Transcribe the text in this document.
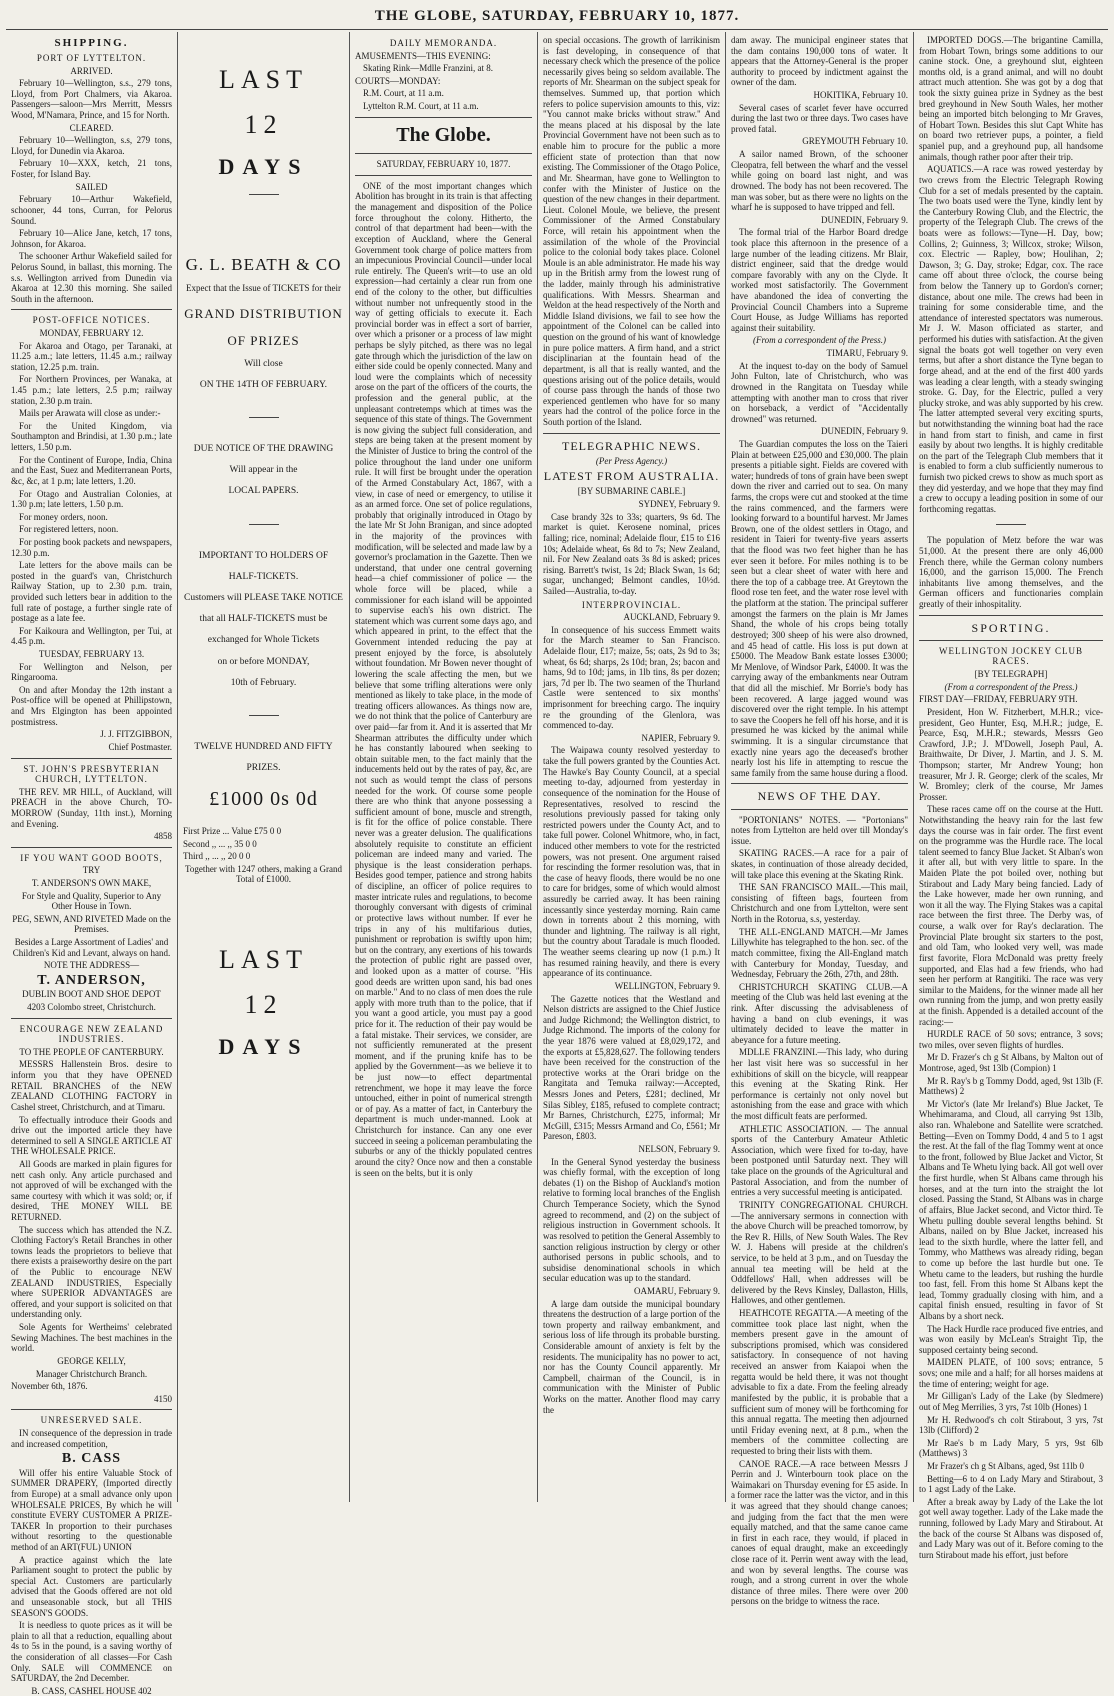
THE GLOBE, SATURDAY, FEBRUARY 10, 1877.
SHIPPING.
PORT OF LYTTELTON.

ARRIVED.

February 10—Wellington, s.s., 279 tons, Lloyd, from Port Chalmers, via Akaroa. Passengers—saloon—Mrs Merritt, Messrs Wood, M'Namara, Prince, and 15 for North.

CLEARED.

February 10—Wellington, s.s, 279 tons, Lloyd, for Dunedin via Akaroa.

February 10—XXX, ketch, 21 tons, Foster, for Island Bay.

SAILED

February 10—Arthur Wakefield, schooner, 44 tons, Curran, for Pelorus Sound.

February 10—Alice Jane, ketch, 17 tons, Johnson, for Akaroa.

The schooner Arthur Wakefield sailed for Pelorus Sound, in ballast, this morning. The s.s. Wellington arrived from Dunedin via Akaroa at 12.30 this morning. She sailed South in the afternoon.

POST-OFFICE NOTICES.

MONDAY, FEBRUARY 12.

For Akaroa and Otago, per Taranaki, at 11.25 a.m.; late letters, 11.45 a.m.; railway station, 12.25 p.m. train.

For Northern Provinces, per Wanaka, at 1.45 p.m.; late letters, 2.5 p.m; railway station, 2.30 p.m train.

Mails per Arawata will close as under:-

For the United Kingdom, via Southampton and Brindisi, at 1.30 p.m.; late letters, 1.50 p.m.

For the Continent of Europe, India, China and the East, Suez and Mediterranean Ports, &c, &c, at 1 p.m; late letters, 1.20.

For Otago and Australian Colonies, at 1.30 p.m; late letters, 1.50 p.m.

For money orders, noon.

For registered letters, noon.

For posting book packets and newspapers, 12.30 p.m.

Late letters for the above mails can be posted in the guard's van, Christchurch Railway Station, up to 2.30 p.m. train, provided such letters bear in addition to the full rate of postage, a further single rate of postage as a late fee.

For Kaikoura and Wellington, per Tui, at 4.45 p.m.

TUESDAY, FEBRUARY 13.

For Wellington and Nelson, per Ringarooma.

On and after Monday the 12th instant a Post-office will be opened at Phillipstown, and Mrs Elgington has been appointed postmistress.

J. J. FITZGIBBON,

Chief Postmaster.

ST. JOHN'S PRESBYTERIAN CHURCH, LYTTELTON.

THE REV. MR HILL, of Auckland, will PREACH in the above Church, TO-MORROW (Sunday, 11th inst.), Morning and Evening.

4858

IF YOU WANT GOOD BOOTS,

TRY

T. ANDERSON'S OWN MAKE,

For Style and Quality, Superior to Any Other House in Town.

PEG, SEWN, AND RIVETED Made on the Premises.

Besides a Large Assortment of Ladies' and Children's Kid and Levant, always on hand.

NOTE THE ADDRESS—

T. ANDERSON,

DUBLIN BOOT AND SHOE DEPOT

4203 Colombo street, Christchurch.

ENCOURAGE NEW ZEALAND INDUSTRIES.

TO THE PEOPLE OF CANTERBURY.

MESSRS Hallenstein Bros. desire to inform you that they have OPENED RETAIL BRANCHES of the NEW ZEALAND CLOTHING FACTORY in Cashel street, Christchurch, and at Timaru.

To effectually introduce their Goods and drive out the imported article they have determined to sell A SINGLE ARTICLE AT THE WHOLESALE PRICE.

All Goods are marked in plain figures for nett cash only. Any article purchased and not approved of will be exchanged with the same courtesy with which it was sold; or, if desired, THE MONEY WILL BE RETURNED.

The success which has attended the N.Z. Clothing Factory's Retail Branches in other towns leads the proprietors to believe that there exists a praiseworthy desire on the part of the Public to encourage NEW ZEALAND INDUSTRIES, Especially where SUPERIOR ADVANTAGES are offered, and your support is solicited on that understanding only.

Sole Agents for Wertheims' celebrated Sewing Machines. The best machines in the world.

GEORGE KELLY,

Manager Christchurch Branch.

November 6th, 1876.

4150

UNRESERVED SALE.

IN consequence of the depression in trade and increased competition,

B. CASS

Will offer his entire Valuable Stock of SUMMER DRAPERY, (Imported directly from Europe) at a small advance only upon WHOLESALE PRICES, By which he will constitute EVERY CUSTOMER A PRIZE-TAKER In proportion to their purchases without resorting to the questionable method of an ART(FUL) UNION

A practice against which the late Parliament sought to protect the public by special Act. Customers are particularly advised that the Goods offered are not old and unseasonable stock, but all THIS SEASON'S GOODS.

It is needless to quote prices as it will be plain to all that a reduction, equalling about 4s to 5s in the pound, is a saving worthy of the consideration of all classes—For Cash Only. SALE will COMMENCE on SATURDAY, the 2nd December.

B. CASS, CASHEL HOUSE 402

LAST
12
DAYS
G. L. BEATH & CO

Expect that the Issue of TICKETS for their

GRAND DISTRIBUTION
OF PRIZES
Will close
ON THE 14TH OF FEBRUARY.
DUE NOTICE OF THE DRAWING
Will appear in the
LOCAL PAPERS.
IMPORTANT TO HOLDERS OF
HALF-TICKETS.
Customers will PLEASE TAKE NOTICE
that all HALF-TICKETS must be
exchanged for Whole Tickets
on or before MONDAY,
10th of February.
TWELVE HUNDRED AND FIFTY
PRIZES.
£1000 0s 0d

First Prize ... Value £75 0 0

Second ,, ... ,, 35 0 0

Third ,, ... ,, 20 0 0

Together with 1247 others, making a Grand Total of £1000.

LAST
12
DAYS
DAILY MEMORANDA.

AMUSEMENTS—THIS EVENING:

Skating Rink—Mdlle Franzini, at 8.

COURTS—MONDAY:

R.M. Court, at 11 a.m.

Lyttelton R.M. Court, at 11 a.m.

The Globe.

SATURDAY, FEBRUARY 10, 1877.

ONE of the most important changes which Abolition has brought in its train is that affecting the management and disposition of the Police force throughout the colony. Hitherto, the control of that department had been—with the exception of Auckland, where the General Government took charge of police matters from an impecunious Provincial Council—under local rule entirely. The Queen's writ—to use an old expression—had certainly a clear run from one end of the colony to the other, but difficulties without number not unfrequently stood in the way of getting officials to execute it. Each provincial border was in effect a sort of barrier, over which a prisoner or a process of law might perhaps be slyly pitched, as there was no legal gate through which the jurisdiction of the law on either side could be openly connected. Many and loud were the complaints which of necessity arose on the part of the officers of the courts, the profession and the general public, at the unpleasant contretemps which at times was the sequence of this state of things. The Government is now giving the subject full consideration, and steps are being taken at the present moment by the Minister of Justice to bring the control of the police throughout the land under one uniform rule. It will first be brought under the operation of the Armed Constabulary Act, 1867, with a view, in case of need or emergency, to utilise it as an armed force. One set of police regulations, probably that originally introduced in Otago by the late Mr St John Branigan, and since adopted in the majority of the provinces with modification, will be selected and made law by a governor's proclamation in the Gazette. Then we understand, that under one central governing head—a chief commissioner of police — the whole force will be placed, while a commissioner for each island will be appointed to supervise each's his own district. The statement which was current some days ago, and which appeared in print, to the effect that the Government intended reducing the pay at present enjoyed by the force, is absolutely without foundation. Mr Bowen never thought of lowering the scale affecting the men, but we believe that some trifling alterations were only mentioned as likely to take place, in the mode of treating officers allowances. As things now are, we do not think that the police of Canterbury are over paid—far from it. And it is asserted that Mr Shearman attributes the difficulty under which he has constantly laboured when seeking to obtain suitable men, to the fact mainly that the inducements held out by the rates of pay, &c, are not such as would tempt the class of persons needed for the work. Of course some people there are who think that anyone possessing a sufficient amount of bone, muscle and strength, is fit for the office of police constable. There never was a greater delusion. The qualifications absolutely requisite to constitute an efficient policeman are indeed many and varied. The physique is the least consideration perhaps. Besides good temper, patience and strong habits of discipline, an officer of police requires to master intricate rules and regulations, to become thoroughly conversant with digests of criminal or protective laws without number. If ever he trips in any of his multifarious duties, punishment or reprobation is swiftly upon him; but on the contrary, any exertions of his towards the protection of public right are passed over, and looked upon as a matter of course. "His good deeds are written upon sand, his bad ones on marble." And to no class of men does the rule apply with more truth than to the police, that if you want a good article, you must pay a good price for it. The reduction of their pay would be a fatal mistake. Their services, we consider, are not sufficiently remunerated at the present moment, and if the pruning knife has to be applied by the Government—as we believe it to be just now—to effect departmental retrenchment, we hope it may leave the force untouched, either in point of numerical strength or of pay. As a matter of fact, in Canterbury the department is much under-manned. Look at Christchurch for instance. Can any one ever succeed in seeing a policeman perambulating the suburbs or any of the thickly populated centres around the city? Once now and then a constable is seen on the belts, but it is only

on special occasions. The growth of larrikinism is fast developing, in consequence of that necessary check which the presence of the police necessarily gives being so seldom available. The reports of Mr. Shearman on the subject speak for themselves. Summed up, that portion which refers to police supervision amounts to this, viz: "You cannot make bricks without straw." And the means placed at his disposal by the late Provincial Government have not been such as to enable him to procure for the public a more efficient state of protection than that now existing. The Commissioner of the Otago Police, and Mr. Shearman, have gone to Wellington to confer with the Minister of Justice on the question of the new changes in their department. Lieut. Colonel Moule, we believe, the present Commissioner of the Armed Constabulary Force, will retain his appointment when the assimilation of the whole of the Provincial police to the colonial body takes place. Colonel Moule is an able administrator. He made his way up in the British army from the lowest rung of the ladder, mainly through his administrative qualifications. With Messrs. Shearman and Weldon at the head respectively of the North and Middle Island divisions, we fail to see how the appointment of the Colonel can be called into question on the ground of his want of knowledge in pure police matters. A firm hand, and a strict disciplinarian at the fountain head of the department, is all that is really wanted, and the questions arising out of the police details, would of course pass through the hands of those two experienced gentlemen who have for so many years had the control of the police force in the South portion of the Island.

TELEGRAPHIC NEWS.

(Per Press Agency.)

LATEST FROM AUSTRALIA.

[BY SUBMARINE CABLE.]

SYDNEY, February 9.

Case brandy 32s to 33s; quarters, 9s 6d. The market is quiet. Kerosene nominal, prices falling; rice, nominal; Adelaide flour, £15 to £16 10s; Adelaide wheat, 6s 8d to 7s; New Zealand, nil. For New Zealand oats 3s 8d is asked; prices rising. Barrett's twist, 1s 2d; Black Swan, 1s 6d; sugar, unchanged; Belmont candles, 10½d. Sailed—Australia, to-day.

INTERPROVINCIAL.

AUCKLAND, February 9.

In consequence of his success Emmett waits for the March steamer to San Francisco. Adelaide flour, £17; maize, 5s; oats, 2s 9d to 3s; wheat, 6s 6d; sharps, 2s 10d; bran, 2s; bacon and hams, 9d to 10d; jams, in 1lb tins, 8s per dozen; jars, 7d per lb. The two seamen of the Thurland Castle were sentenced to six months' imprisonment for breeching cargo. The inquiry re the grounding of the Glenlora, was commenced to-day.

NAPIER, February 9.

The Waipawa county resolved yesterday to take the full powers granted by the Counties Act. The Hawke's Bay County Council, at a special meeting to-day, adjourned from yesterday in consequence of the nomination for the House of Representatives, resolved to rescind the resolutions previously passed for taking only restricted powers under the County Act, and to take full power. Colonel Whitmore, who, in fact, induced other members to vote for the restricted powers, was not present. One argument raised for rescinding the former resolution was, that in the case of heavy floods, there would be no one to care for bridges, some of which would almost assuredly be carried away. It has been raining incessantly since yesterday morning. Rain came down in torrents about 2 this morning, with thunder and lightning. The railway is all right, but the country about Taradale is much flooded. The weather seems clearing up now (1 p.m.) It has resumed raining heavily, and there is every appearance of its continuance.

WELLINGTON, February 9.

The Gazette notices that the Westland and Nelson districts are assigned to the Chief Justice and Judge Richmond; the Wellington district, to Judge Richmond. The imports of the colony for the year 1876 were valued at £8,029,172, and the exports at £5,828,627. The following tenders have been received for the construction of the protective works at the Orari bridge on the Rangitata and Temuka railway:—Accepted, Messrs Jones and Peters, £281; declined, Mr Silas Sibley, £185, refused to complete contract; Mr Barnes, Christchurch, £275, informal; Mr McGill, £315; Messrs Armand and Co, £561; Mr Pareson, £803.

NELSON, February 9.

In the General Synod yesterday the business was chiefly formal, with the exception of long debates (1) on the Bishop of Auckland's motion relative to forming local branches of the English Church Temperance Society, which the Synod agreed to recommend, and (2) on the subject of religious instruction in Government schools. It was resolved to petition the General Assembly to sanction religious instruction by clergy or other authorised persons in public schools, and to subsidise denominational schools in which secular education was up to the standard.

OAMARU, February 9.

A large dam outside the municipal boundary threatens the destruction of a large portion of the town property and railway embankment, and serious loss of life through its probable bursting. Considerable amount of anxiety is felt by the residents. The municipality has no power to act, nor has the County Council apparently. Mr Campbell, chairman of the Council, is in communication with the Minister of Public Works on the matter. Another flood may carry the

dam away. The municipal engineer states that the dam contains 190,000 tons of water. It appears that the Attorney-General is the proper authority to proceed by indictment against the owner of the dam.

HOKITIKA, February 10.

Several cases of scarlet fever have occurred during the last two or three days. Two cases have proved fatal.

GREYMOUTH February 10.

A sailor named Brown, of the schooner Cleopatra, fell between the wharf and the vessel while going on board last night, and was drowned. The body has not been recovered. The man was sober, but as there were no lights on the wharf he is supposed to have tripped and fell.

DUNEDIN, February 9.

The formal trial of the Harbor Board dredge took place this afternoon in the presence of a large number of the leading citizens. Mr Blair, district engineer, said that the dredge would compare favorably with any on the Clyde. It worked most satisfactorily. The Government have abandoned the idea of converting the Provincial Council Chambers into a Supreme Court House, as Judge Williams has reported against their suitability.

(From a correspondent of the Press.)

TIMARU, February 9.

At the inquest to-day on the body of Samuel John Fulton, late of Christchurch, who was drowned in the Rangitata on Tuesday while attempting with another man to cross that river on horseback, a verdict of "Accidentally drowned" was returned.

DUNEDIN, February 9.

The Guardian computes the loss on the Taieri Plain at between £25,000 and £30,000. The plain presents a pitiable sight. Fields are covered with water; hundreds of tons of grain have been swept down the river and carried out to sea. On many farms, the crops were cut and stooked at the time the rains commenced, and the farmers were looking forward to a bountiful harvest. Mr James Brown, one of the oldest settlers in Otago, and resident in Taieri for twenty-five years asserts that the flood was two feet higher than he has ever seen it before. For miles nothing is to be seen but a clear sheet of water with here and there the top of a cabbage tree. At Greytown the flood rose ten feet, and the water rose level with the platform at the station. The principal sufferer amongst the farmers on the plain is Mr James Shand, the whole of his crops being totally destroyed; 300 sheep of his were also drowned, and 45 head of cattle. His loss is put down at £5000. The Meadow Bank estate losses £3000; Mr Menlove, of Windsor Park, £4000. It was the carrying away of the embankments near Outram that did all the mischief. Mr Borrie's body has been recovered. A large jagged wound was discovered over the right temple. In his attempt to save the Coopers he fell off his horse, and it is presumed he was kicked by the animal while swimming. It is a singular circumstance that exactly nine years ago the deceased's brother nearly lost his life in attempting to rescue the same family from the same house during a flood.

NEWS OF THE DAY.

"PORTONIANS" NOTES. — "Portonians" notes from Lyttelton are held over till Monday's issue.

SKATING RACES.—A race for a pair of skates, in continuation of those already decided, will take place this evening at the Skating Rink.

THE SAN FRANCISCO MAIL.—This mail, consisting of fifteen bags, fourteen from Christchurch and one from Lyttelton, were sent North in the Rotorua, s.s, yesterday.

THE ALL-ENGLAND MATCH.—Mr James Lillywhite has telegraphed to the hon. sec. of the match committee, fixing the All-England match with Canterbury for Monday, Tuesday, and Wednesday, February the 26th, 27th, and 28th.

CHRISTCHURCH SKATING CLUB.—A meeting of the Club was held last evening at the rink. After discussing the advisableness of having a band on club evenings, it was ultimately decided to leave the matter in abeyance for a future meeting.

MDLLE FRANZINI.—This lady, who during her last visit here was so successful in her exhibitions of skill on the bicycle, will reappear this evening at the Skating Rink. Her performance is certainly not only novel but astonishing from the ease and grace with which the most difficult feats are performed.

ATHLETIC ASSOCIATION. — The annual sports of the Canterbury Amateur Athletic Association, which were fixed for to-day, have been postponed until Saturday next. They will take place on the grounds of the Agricultural and Pastoral Association, and from the number of entries a very successful meeting is anticipated.

TRINITY CONGREGATIONAL CHURCH.—The anniversary sermons in connection with the above Church will be preached tomorrow, by the Rev R. Hills, of New South Wales. The Rev W. J. Habens will preside at the children's service, to be held at 3 p.m., and on Tuesday the annual tea meeting will be held at the Oddfellows' Hall, when addresses will be delivered by the Revs Kinsley, Dallaston, Hills, Hallowes, and other gentlemen.

HEATHCOTE REGATTA.—A meeting of the committee took place last night, when the members present gave in the amount of subscriptions promised, which was considered satisfactory. In consequence of not having received an answer from Kaiapoi when the regatta would be held there, it was not thought advisable to fix a date. From the feeling already manifested by the public, it is probable that a sufficient sum of money will be forthcoming for this annual regatta. The meeting then adjourned until Friday evening next, at 8 p.m., when the members of the committee collecting are requested to bring their lists with them.

CANOE RACE.—A race between Messrs J Perrin and J. Winterbourn took place on the Waimakari on Thursday evening for £5 aside. In a former race the latter was the victor, and in this it was agreed that they should change canoes; and judging from the fact that the men were equally matched, and that the same canoe came in first in each race, they would, if placed in canoes of equal draught, make an exceedingly close race of it. Perrin went away with the lead, and won by several lengths. The course was rough, and a strong current in over the whole distance of three miles. There were over 200 persons on the bridge to witness the race.

IMPORTED DOGS.—The brigantine Camilla, from Hobart Town, brings some additions to our canine stock. One, a greyhound slut, eighteen months old, is a grand animal, and will no doubt attract much attention. She was got by a dog that took the sixty guinea prize in Sydney as the best bred greyhound in New South Wales, her mother being an imported bitch belonging to Mr Graves, of Hobart Town. Besides this slut Capt White has on board two retriever pups, a pointer, a field spaniel pup, and a greyhound pup, all handsome animals, though rather poor after their trip.

AQUATICS.—A race was rowed yesterday by two crews from the Electric Telegraph Rowing Club for a set of medals presented by the captain. The two boats used were the Tyne, kindly lent by the Canterbury Rowing Club, and the Electric, the property of the Telegraph Club. The crews of the boats were as follows:—Tyne—H. Day, bow; Collins, 2; Guinness, 3; Willcox, stroke; Wilson, cox. Electric — Rapley, bow; Houlihan, 2; Dawson, 3; G. Day, stroke; Edgar, cox. The race came off about three o'clock, the course being from below the Tannery up to Gordon's corner; distance, about one mile. The crews had been in training for some considerable time, and the attendance of interested spectators was numerous. Mr J. W. Mason officiated as starter, and performed his duties with satisfaction. At the given signal the boats got well together on very even terms, but after a short distance the Tyne began to forge ahead, and at the end of the first 400 yards was leading a clear length, with a steady swinging stroke. G. Day, for the Electric, pulled a very plucky stroke, and was ably supported by his crew. The latter attempted several very exciting spurts, but notwithstanding the winning boat had the race in hand from start to finish, and came in first easily by about two lengths. It is highly creditable on the part of the Telegraph Club members that it is enabled to form a club sufficiently numerous to furnish two picked crews to show as much sport as they did yesterday, and we hope that they may find a crew to occupy a leading position in some of our forthcoming regattas.

The population of Metz before the war was 51,000. At the present there are only 46,000 French there, while the German colony numbers 16,000, and the garrison 15,000. The French inhabitants live among themselves, and the German officers and functionaries complain greatly of their inhospitality.

SPORTING.
WELLINGTON JOCKEY CLUB RACES.

[BY TELEGRAPH]

(From a correspondent of the Press.)

FIRST DAY—FRIDAY, FEBRUARY 9TH.

President, Hon W. Fitzherbert, M.H.R.; vice-president, Geo Hunter, Esq, M.H.R.; judge, E. Pearce, Esq, M.H.R.; stewards, Messrs Geo Crawford, J.P.; J. M'Dowell, Joseph Paul, A. Braithwaite, Dr Diver, J. Martin, and J. S. M. Thompson; starter, Mr Andrew Young; hon treasurer, Mr J. R. George; clerk of the scales, Mr W. Bromley; clerk of the course, Mr James Prosser.

These races came off on the course at the Hutt. Notwithstanding the heavy rain for the last few days the course was in fair order. The first event on the programme was the Hurdle race. The local talent seemed to fancy Blue Jacket. St Alban's won it after all, but with very little to spare. In the Maiden Plate the pot boiled over, nothing but Stirabout and Lady Mary being fancied. Lady of the Lake however, made her own running, and won it all the way. The Flying Stakes was a capital race between the first three. The Derby was, of course, a walk over for Ray's declaration. The Provincial Plate brought six starters to the post, and old Tam, who looked very well, was made first favorite, Flora McDonald was pretty freely supported, and Elas had a few friends, who had seen her perform at Rangitiki. The race was very similar to the Maidens, for the winner made all her own running from the jump, and won pretty easily at the finish. Appended is a detailed account of the racing:—

HURDLE RACE of 50 sovs; entrance, 3 sovs; two miles, over seven flights of hurdles.

Mr D. Frazer's ch g St Albans, by Malton out of Montrose, aged, 9st 13lb (Compion) 1

Mr R. Ray's b g Tommy Dodd, aged, 9st 13lb (F. Matthews) 2

Mr Victor's (late Mr Ireland's) Blue Jacket, Te Whehimarama, and Cloud, all carrying 9st 13lb, also ran. Whalebone and Satellite were scratched. Betting—Even on Tommy Dodd, 4 and 5 to 1 agst the rest. At the fall of the flag Tommy went at once to the front, followed by Blue Jacket and Victor, St Albans and Te Whetu lying back. All got well over the first hurdle, when St Albans came through his horses, and at the turn into the straight the lot closed. Passing the Stand, St Albans was in charge of affairs, Blue Jacket second, and Victor third. Te Whetu pulling double several lengths behind. St Albans, nailed on by Blue Jacket, increased his lead to the sixth hurdle, where the latter fell, and Tommy, who Matthews was already riding, began to come up before the last hurdle but one. Te Whetu came to the leaders, but rushing the hurdle too fast, fell. From this home St Albans kept the lead, Tommy gradually closing with him, and a capital finish ensued, resulting in favor of St Albans by a short neck.

The Hack Hurdle race produced five entries, and was won easily by McLean's Straight Tip, the supposed certainty being second.

MAIDEN PLATE, of 100 sovs; entrance, 5 sovs; one mile and a half; for all horses maidens at the time of entering; weight for age.

Mr Gilligan's Lady of the Lake (by Sledmere) out of Meg Merrilies, 3 yrs, 7st 10lb (Hones) 1

Mr H. Redwood's ch colt Stirabout, 3 yrs, 7st 13lb (Clifford) 2

Mr Rae's b m Lady Mary, 5 yrs, 9st 6lb (Matthews) 3

Mr Frazer's ch g St Albans, aged, 9st 11lb 0

Betting—6 to 4 on Lady Mary and Stirabout, 3 to 1 agst Lady of the Lake.

After a break away by Lady of the Lake the lot got well away together. Lady of the Lake made the running, followed by Lady Mary and Stirabout. At the back of the course St Albans was disposed of, and Lady Mary was out of it. Before coming to the turn Stirabout made his effort, just before
